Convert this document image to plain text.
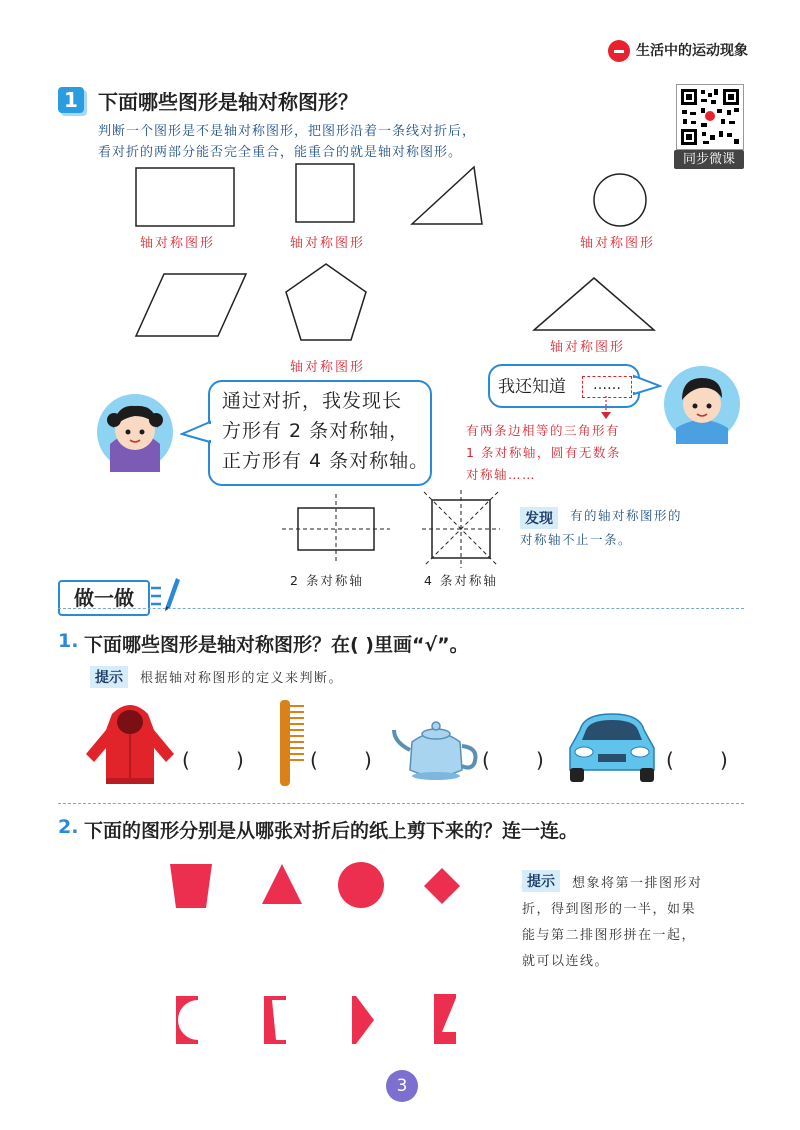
生活中的运动现象
1	下面哪些图形是轴对称图形？
判断一个图形是不是轴对称图形，把图形沿着一条线对折后，
看对折的两部分能否完全重合，能重合的就是轴对称图形。	同步微课
轴对称图形	轴对称图形	轴对称图形
轴对称图形
轴对称图形
通过对折，我发现长
方形有 2 条对称轴，
正方形有 4 条对称轴。
我还知道	……
有两条边相等的三角形有
1 条对称轴，圆有无数条
对称轴……
2 条对称轴	4 条对称轴
发现	有的轴对称图形的
对称轴不止一条。
做一做
1. 下面哪些图形是轴对称图形？在( )里画“√”。
提示	根据轴对称图形的定义来判断。
( )	( )	( )	( )
2. 下面的图形分别是从哪张对折后的纸上剪下来的？连一连。
提示	想象将第一排图形对
折，得到图形的一半，如果
能与第二排图形拼在一起，
就可以连线。
3
